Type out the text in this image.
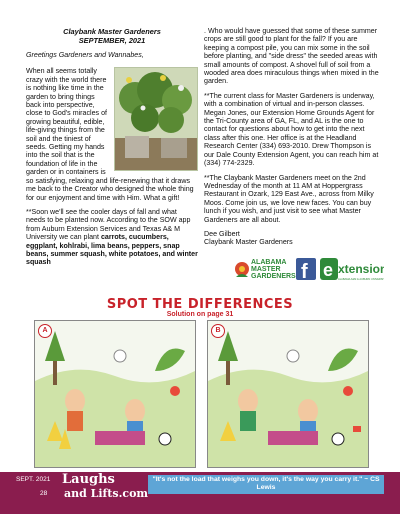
Claybank Master Gardeners
SEPTEMBER, 2021
Greetings Gardeners and Wannabes,

When all seems totally crazy with the world there is nothing like time in the garden to bring things back into perspective, close to God's miracles of growing beautiful, edible, life-giving things from the soil and the tiniest of seeds. Getting my hands into the soil that is the foundation of life in the garden or in containers is so satisfying, relaxing and life-renewing that it draws me back to the Creator who designed the whole thing for our enjoyment and time with Him. What a gift!

**Soon we'll see the cooler days of fall and what needs to be planted now. According to the SOW app from Auburn Extension Services and Texas A& M University we can plant carrots, cucumbers, eggplant, kohlrabi, lima beans, peppers, snap beans, summer squash, white potatoes, and winter squash

. Who would have guessed that some of these summer crops are still good to plant for the fall? If you are keeping a compost pile, you can mix some in the soil before planting, and "side dress" the seeded areas with small amounts of compost. A shovel full of soil from a wooded area does miraculous things when mixed in the garden.

**The current class for Master Gardeners is underway, with a combination of virtual and in-person classes. Megan Jones, our Extension Home Grounds Agent for the Tri-County area of GA, FL, and AL is the one to contact for questions about how to get into the next class after this one. Her office is at the Headland Research Center (334) 693-2010. Drew Thompson is our Dale County Extension Agent, you can reach him at (334) 774-2329.

**The Claybank Master Gardeners meet on the 2nd Wednesday of the month at 11 AM at Hoppergrass Restaurant in Ozark, 129 East Ave., across from Milky Moos. Come join us, we love new faces. You can buy lunch if you wish, and just visit to see what Master Gardeners are all about.

Dee Gilbert
Claybank Master Gardeners
ALABAMA
MASTER
GARDENERS f e xtension
ALABAMA A&M & AUBURN UNIVERSITIES
SPOT THE DIFFERENCES
Solution on page 31
A	B
SEPT. 2021
28
Laughs
and Lifts.com
"It's not the load that weighs you down, it's the way you carry it." ~ CS Lewis
